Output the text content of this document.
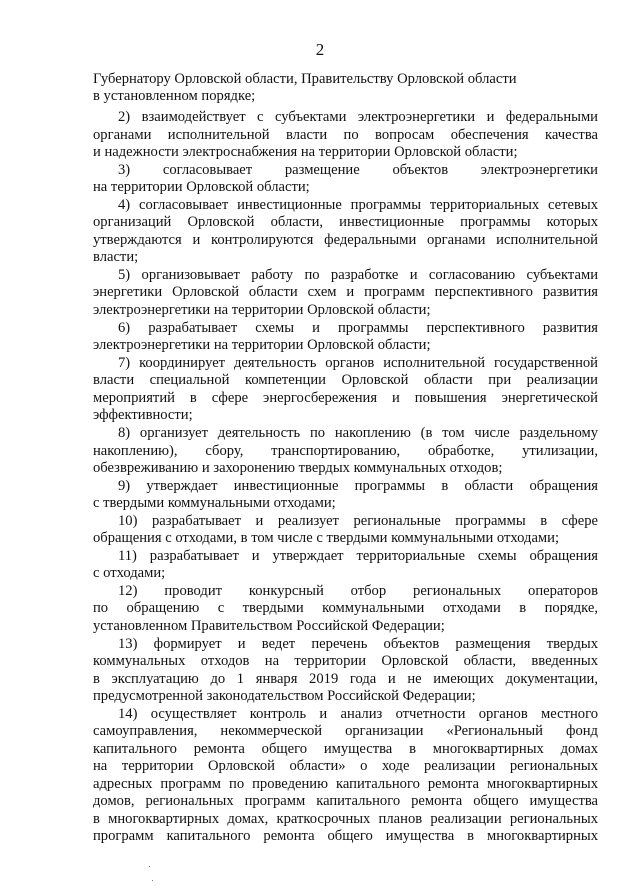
2
Губернатору Орловской области, Правительству Орловской области
в установленном порядке;
2) взаимодействует с субъектами электроэнергетики и федеральными
органами исполнительной власти по вопросам обеспечения качества
и надежности электроснабжения на территории Орловской области;
3) согласовывает размещение объектов электроэнергетики
на территории Орловской области;
4) согласовывает инвестиционные программы территориальных сетевых
организаций Орловской области, инвестиционные программы которых
утверждаются и контролируются федеральными органами исполнительной
власти;
5) организовывает работу по разработке и согласованию субъектами
энергетики Орловской области схем и программ перспективного развития
электроэнергетики на территории Орловской области;
6) разрабатывает схемы и программы перспективного развития
электроэнергетики на территории Орловской области;
7) координирует деятельность органов исполнительной государственной
власти специальной компетенции Орловской области при реализации
мероприятий в сфере энергосбережения и повышения энергетической
эффективности;
8) организует деятельность по накоплению (в том числе раздельному
накоплению), сбору, транспортированию, обработке, утилизации,
обезвреживанию и захоронению твердых коммунальных отходов;
9) утверждает инвестиционные программы в области обращения
с твердыми коммунальными отходами;
10) разрабатывает и реализует региональные программы в сфере
обращения с отходами, в том числе с твердыми коммунальными отходами;
11) разрабатывает и утверждает территориальные схемы обращения
с отходами;
12) проводит конкурсный отбор региональных операторов
по обращению с твердыми коммунальными отходами в порядке,
установленном Правительством Российской Федерации;
13) формирует и ведет перечень объектов размещения твердых
коммунальных отходов на территории Орловской области, введенных
в эксплуатацию до 1 января 2019 года и не имеющих документации,
предусмотренной законодательством Российской Федерации;
14) осуществляет контроль и анализ отчетности органов местного
самоуправления, некоммерческой организации «Региональный фонд
капитального ремонта общего имущества в многоквартирных домах
на территории Орловской области» о ходе реализации региональных
адресных программ по проведению капитального ремонта многоквартирных
домов, региональных программ капитального ремонта общего имущества
в многоквартирных домах, краткосрочных планов реализации региональных
программ капитального ремонта общего имущества в многоквартирных
